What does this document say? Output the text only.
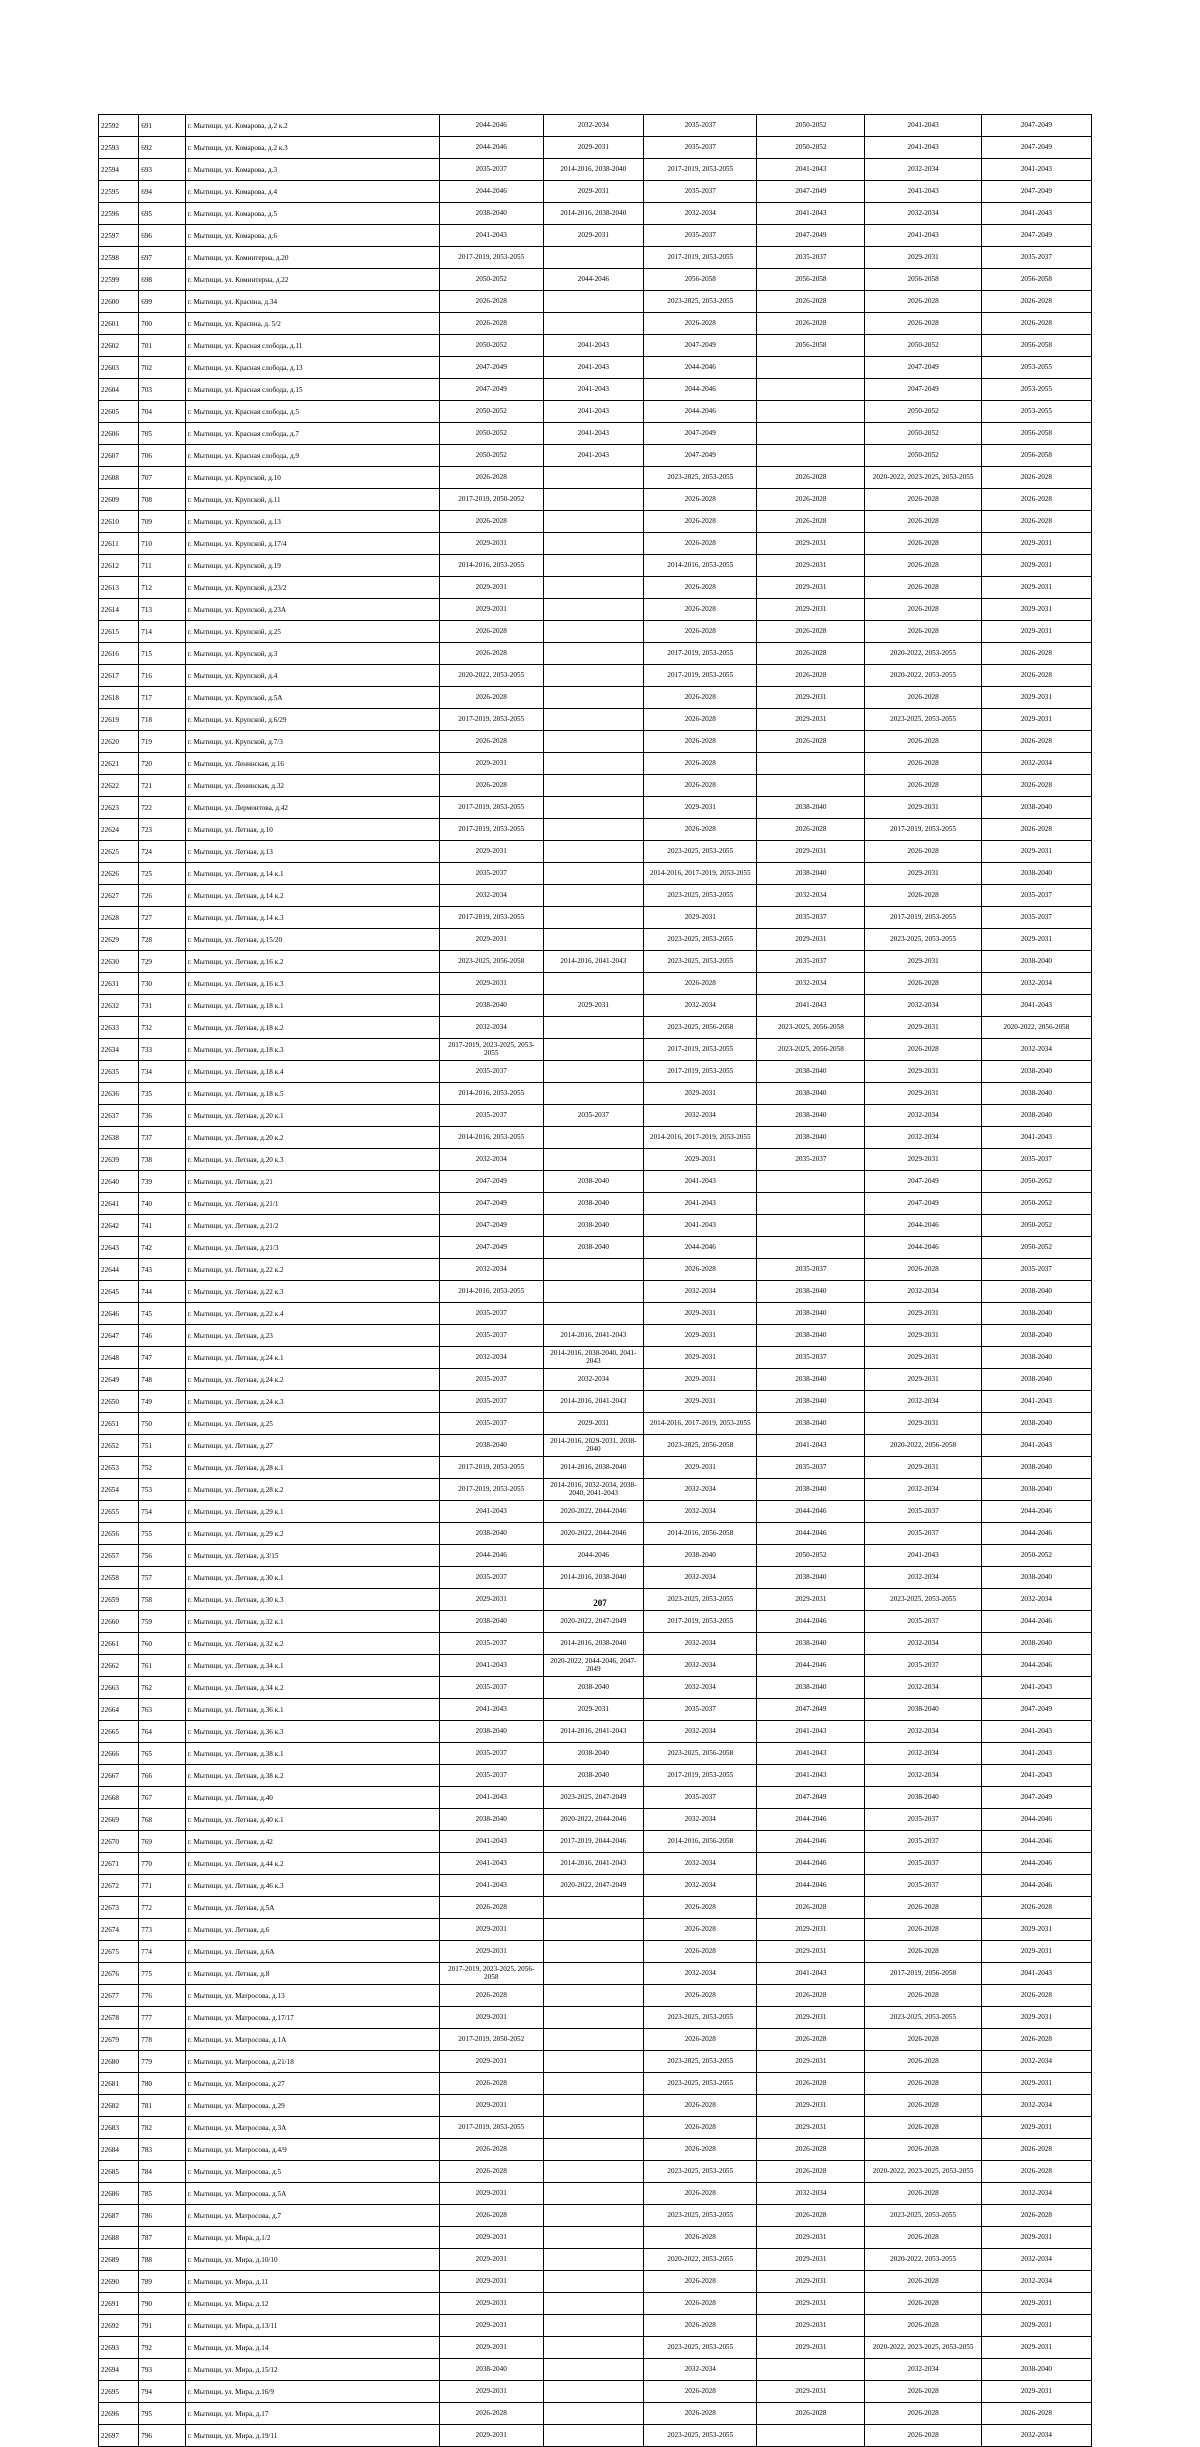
22592	691	г. Мытищи, ул. Комарова, д.2 к.2	2044-2046	2032-2034	2035-2037	2050-2052	2041-2043	2047-2049
22593	692	г. Мытищи, ул. Комарова, д.2 к.3	2044-2046	2029-2031	2035-2037	2050-2052	2041-2043	2047-2049
22594	693	г. Мытищи, ул. Комарова, д.3	2035-2037	2014-2016, 2038-2040	2017-2019, 2053-2055	2041-2043	2032-2034	2041-2043
22595	694	г. Мытищи, ул. Комарова, д.4	2044-2046	2029-2031	2035-2037	2047-2049	2041-2043	2047-2049
22596	695	г. Мытищи, ул. Комарова, д.5	2038-2040	2014-2016, 2038-2040	2032-2034	2041-2043	2032-2034	2041-2043
22597	696	г. Мытищи, ул. Комарова, д.6	2041-2043	2029-2031	2035-2037	2047-2049	2041-2043	2047-2049
22598	697	г. Мытищи, ул. Коминтерна, д.20	2017-2019, 2053-2055		2017-2019, 2053-2055	2035-2037	2029-2031	2035-2037
22599	698	г. Мытищи, ул. Коминтерна, д.22	2050-2052	2044-2046	2056-2058	2056-2058	2056-2058	2056-2058
22600	699	г. Мытищи, ул. Красина, д.34	2026-2028		2023-2025, 2053-2055	2026-2028	2026-2028	2026-2028
22601	700	г. Мытищи, ул. Красина, д. 5/2	2026-2028		2026-2028	2026-2028	2026-2028	2026-2028
22602	701	г. Мытищи, ул. Красная слобода, д.11	2050-2052	2041-2043	2047-2049	2056-2058	2050-2052	2056-2058
22603	702	г. Мытищи, ул. Красная слобода, д.13	2047-2049	2041-2043	2044-2046		2047-2049	2053-2055
22604	703	г. Мытищи, ул. Красная слобода, д.15	2047-2049	2041-2043	2044-2046		2047-2049	2053-2055
22605	704	г. Мытищи, ул. Красная слобода, д.5	2050-2052	2041-2043	2044-2046		2050-2052	2053-2055
22606	705	г. Мытищи, ул. Красная слобода, д.7	2050-2052	2041-2043	2047-2049		2050-2052	2056-2058
22607	706	г. Мытищи, ул. Красная слобода, д.9	2050-2052	2041-2043	2047-2049		2050-2052	2056-2058
22608	707	г. Мытищи, ул. Крупской, д.10	2026-2028		2023-2025, 2053-2055	2026-2028	2020-2022, 2023-2025, 2053-2055	2026-2028
22609	708	г. Мытищи, ул. Крупской, д.11	2017-2019, 2050-2052		2026-2028	2026-2028	2026-2028	2026-2028
22610	709	г. Мытищи, ул. Крупской, д.13	2026-2028		2026-2028	2026-2028	2026-2028	2026-2028
22611	710	г. Мытищи, ул. Крупской, д.17/4	2029-2031		2026-2028	2029-2031	2026-2028	2029-2031
22612	711	г. Мытищи, ул. Крупской, д.19	2014-2016, 2053-2055		2014-2016, 2053-2055	2029-2031	2026-2028	2029-2031
22613	712	г. Мытищи, ул. Крупской, д.23/2	2029-2031		2026-2028	2029-2031	2026-2028	2029-2031
22614	713	г. Мытищи, ул. Крупской, д.23А	2029-2031		2026-2028	2029-2031	2026-2028	2029-2031
22615	714	г. Мытищи, ул. Крупской, д.25	2026-2028		2026-2028	2026-2028	2026-2028	2029-2031
22616	715	г. Мытищи, ул. Крупской, д.3	2026-2028		2017-2019, 2053-2055	2026-2028	2020-2022, 2053-2055	2026-2028
22617	716	г. Мытищи, ул. Крупской, д.4	2020-2022, 2053-2055		2017-2019, 2053-2055	2026-2028	2020-2022, 2053-2055	2026-2028
22618	717	г. Мытищи, ул. Крупской, д.5А	2026-2028		2026-2028	2029-2031	2026-2028	2029-2031
22619	718	г. Мытищи, ул. Крупской, д.6/29	2017-2019, 2053-2055		2026-2028	2029-2031	2023-2025, 2053-2055	2029-2031
22620	719	г. Мытищи, ул. Крупской, д.7/3	2026-2028		2026-2028	2026-2028	2026-2028	2026-2028
22621	720	г. Мытищи, ул. Ленинская, д.16	2029-2031		2026-2028		2026-2028	2032-2034
22622	721	г. Мытищи, ул. Ленинская, д.32	2026-2028		2026-2028		2026-2028	2026-2028
22623	722	г. Мытищи, ул. Лермонтова, д.42	2017-2019, 2053-2055		2029-2031	2038-2040	2029-2031	2038-2040
22624	723	г. Мытищи, ул. Летная, д.10	2017-2019, 2053-2055		2026-2028	2026-2028	2017-2019, 2053-2055	2026-2028
22625	724	г. Мытищи, ул. Летная, д.13	2029-2031		2023-2025, 2053-2055	2029-2031	2026-2028	2029-2031
22626	725	г. Мытищи, ул. Летная, д.14 к.1	2035-2037		2014-2016, 2017-2019, 2053-2055	2038-2040	2029-2031	2038-2040
22627	726	г. Мытищи, ул. Летная, д.14 к.2	2032-2034		2023-2025, 2053-2055	2032-2034	2026-2028	2035-2037
22628	727	г. Мытищи, ул. Летная, д.14 к.3	2017-2019, 2053-2055		2029-2031	2035-2037	2017-2019, 2053-2055	2035-2037
22629	728	г. Мытищи, ул. Летная, д.15/20	2029-2031		2023-2025, 2053-2055	2029-2031	2023-2025, 2053-2055	2029-2031
22630	729	г. Мытищи, ул. Летная, д.16 к.2	2023-2025, 2056-2058	2014-2016, 2041-2043	2023-2025, 2053-2055	2035-2037	2029-2031	2038-2040
22631	730	г. Мытищи, ул. Летная, д.16 к.3	2029-2031		2026-2028	2032-2034	2026-2028	2032-2034
22632	731	г. Мытищи, ул. Летная, д.18 к.1	2038-2040	2029-2031	2032-2034	2041-2043	2032-2034	2041-2043
22633	732	г. Мытищи, ул. Летная, д.18 к.2	2032-2034		2023-2025, 2056-2058	2023-2025, 2056-2058	2029-2031	2020-2022, 2056-2058
22634	733	г. Мытищи, ул. Летная, д.18 к.3	2017-2019, 2023-2025, 2053-2055		2017-2019, 2053-2055	2023-2025, 2056-2058	2026-2028	2032-2034
22635	734	г. Мытищи, ул. Летная, д.18 к.4	2035-2037		2017-2019, 2053-2055	2038-2040	2029-2031	2038-2040
22636	735	г. Мытищи, ул. Летная, д.18 к.5	2014-2016, 2053-2055		2029-2031	2038-2040	2029-2031	2038-2040
22637	736	г. Мытищи, ул. Летная, д.20 к.1	2035-2037	2035-2037	2032-2034	2038-2040	2032-2034	2038-2040
22638	737	г. Мытищи, ул. Летная, д.20 к.2	2014-2016, 2053-2055		2014-2016, 2017-2019, 2053-2055	2038-2040	2032-2034	2041-2043
22639	738	г. Мытищи, ул. Летная, д.20 к.3	2032-2034		2029-2031	2035-2037	2029-2031	2035-2037
22640	739	г. Мытищи, ул. Летная, д.21	2047-2049	2038-2040	2041-2043		2047-2049	2050-2052
22641	740	г. Мытищи, ул. Летная, д.21/1	2047-2049	2038-2040	2041-2043		2047-2049	2050-2052
22642	741	г. Мытищи, ул. Летная, д.21/2	2047-2049	2038-2040	2041-2043		2044-2046	2050-2052
22643	742	г. Мытищи, ул. Летная, д.21/3	2047-2049	2038-2040	2044-2046		2044-2046	2050-2052
22644	743	г. Мытищи, ул. Летная, д.22 к.2	2032-2034		2026-2028	2035-2037	2026-2028	2035-2037
22645	744	г. Мытищи, ул. Летная, д.22 к.3	2014-2016, 2053-2055		2032-2034	2038-2040	2032-2034	2038-2040
22646	745	г. Мытищи, ул. Летная, д.22 к.4	2035-2037		2029-2031	2038-2040	2029-2031	2038-2040
22647	746	г. Мытищи, ул. Летная, д.23	2035-2037	2014-2016, 2041-2043	2029-2031	2038-2040	2029-2031	2038-2040
22648	747	г. Мытищи, ул. Летная, д.24 к.1	2032-2034	2014-2016, 2038-2040, 2041-2043	2029-2031	2035-2037	2029-2031	2038-2040
22649	748	г. Мытищи, ул. Летная, д.24 к.2	2035-2037	2032-2034	2029-2031	2038-2040	2029-2031	2038-2040
22650	749	г. Мытищи, ул. Летная, д.24 к.3	2035-2037	2014-2016, 2041-2043	2029-2031	2038-2040	2032-2034	2041-2043
22651	750	г. Мытищи, ул. Летная, д.25	2035-2037	2029-2031	2014-2016, 2017-2019, 2053-2055	2038-2040	2029-2031	2038-2040
22652	751	г. Мытищи, ул. Летная, д.27	2038-2040	2014-2016, 2029-2031, 2038-2040	2023-2025, 2056-2058	2041-2043	2020-2022, 2056-2058	2041-2043
22653	752	г. Мытищи, ул. Летная, д.28 к.1	2017-2019, 2053-2055	2014-2016, 2038-2040	2029-2031	2035-2037	2029-2031	2038-2040
22654	753	г. Мытищи, ул. Летная, д.28 к.2	2017-2019, 2053-2055	2014-2016, 2032-2034, 2038-2040, 2041-2043	2032-2034	2038-2040	2032-2034	2038-2040
22655	754	г. Мытищи, ул. Летная, д.29 к.1	2041-2043	2020-2022, 2044-2046	2032-2034	2044-2046	2035-2037	2044-2046
22656	755	г. Мытищи, ул. Летная, д.29 к.2	2038-2040	2020-2022, 2044-2046	2014-2016, 2056-2058	2044-2046	2035-2037	2044-2046
22657	756	г. Мытищи, ул. Летная, д.3/15	2044-2046	2044-2046	2038-2040	2050-2052	2041-2043	2050-2052
22658	757	г. Мытищи, ул. Летная, д.30 к.1	2035-2037	2014-2016, 2038-2040	2032-2034	2038-2040	2032-2034	2038-2040
22659	758	г. Мытищи, ул. Летная, д.30 к.3	2029-2031		2023-2025, 2053-2055	2029-2031	2023-2025, 2053-2055	2032-2034
22660	759	г. Мытищи, ул. Летная, д.32 к.1	2038-2040	2020-2022, 2047-2049	2017-2019, 2053-2055	2044-2046	2035-2037	2044-2046
22661	760	г. Мытищи, ул. Летная, д.32 к.2	2035-2037	2014-2016, 2038-2040	2032-2034	2038-2040	2032-2034	2038-2040
22662	761	г. Мытищи, ул. Летная, д.34 к.1	2041-2043	2020-2022, 2044-2046, 2047-2049	2032-2034	2044-2046	2035-2037	2044-2046
22663	762	г. Мытищи, ул. Летная, д.34 к.2	2035-2037	2038-2040	2032-2034	2038-2040	2032-2034	2041-2043
22664	763	г. Мытищи, ул. Летная, д.36 к.1	2041-2043	2029-2031	2035-2037	2047-2049	2038-2040	2047-2049
22665	764	г. Мытищи, ул. Летная, д.36 к.3	2038-2040	2014-2016, 2041-2043	2032-2034	2041-2043	2032-2034	2041-2043
22666	765	г. Мытищи, ул. Летная, д.38 к.1	2035-2037	2038-2040	2023-2025, 2056-2058	2041-2043	2032-2034	2041-2043
22667	766	г. Мытищи, ул. Летная, д.38 к.2	2035-2037	2038-2040	2017-2019, 2053-2055	2041-2043	2032-2034	2041-2043
22668	767	г. Мытищи, ул. Летная, д.40	2041-2043	2023-2025, 2047-2049	2035-2037	2047-2049	2038-2040	2047-2049
22669	768	г. Мытищи, ул. Летная, д.40 к.1	2038-2040	2020-2022, 2044-2046	2032-2034	2044-2046	2035-2037	2044-2046
22670	769	г. Мытищи, ул. Летная, д.42	2041-2043	2017-2019, 2044-2046	2014-2016, 2056-2058	2044-2046	2035-2037	2044-2046
22671	770	г. Мытищи, ул. Летная, д.44 к.2	2041-2043	2014-2016, 2041-2043	2032-2034	2044-2046	2035-2037	2044-2046
22672	771	г. Мытищи, ул. Летная, д.46 к.3	2041-2043	2020-2022, 2047-2049	2032-2034	2044-2046	2035-2037	2044-2046
22673	772	г. Мытищи, ул. Летная, д.5А	2026-2028		2026-2028	2026-2028	2026-2028	2026-2028
22674	773	г. Мытищи, ул. Летная, д.6	2029-2031		2026-2028	2029-2031	2026-2028	2029-2031
22675	774	г. Мытищи, ул. Летная, д.6А	2029-2031		2026-2028	2029-2031	2026-2028	2029-2031
22676	775	г. Мытищи, ул. Летная, д.8	2017-2019, 2023-2025, 2056-2058		2032-2034	2041-2043	2017-2019, 2056-2058	2041-2043
22677	776	г. Мытищи, ул. Матросова, д.13	2026-2028		2026-2028	2026-2028	2026-2028	2026-2028
22678	777	г. Мытищи, ул. Матросова, д.17/17	2029-2031		2023-2025, 2053-2055	2029-2031	2023-2025, 2053-2055	2029-2031
22679	778	г. Мытищи, ул. Матросова, д.1А	2017-2019, 2050-2052		2026-2028	2026-2028	2026-2028	2026-2028
22680	779	г. Мытищи, ул. Матросова, д.21/18	2029-2031		2023-2025, 2053-2055	2029-2031	2026-2028	2032-2034
22681	780	г. Мытищи, ул. Матросова, д.27	2026-2028		2023-2025, 2053-2055	2026-2028	2026-2028	2029-2031
22682	781	г. Мытищи, ул. Матросова, д.29	2029-2031		2026-2028	2029-2031	2026-2028	2032-2034
22683	782	г. Мытищи, ул. Матросова, д.3А	2017-2019, 2053-2055		2026-2028	2029-2031	2026-2028	2029-2031
22684	783	г. Мытищи, ул. Матросова, д.4/9	2026-2028		2026-2028	2026-2028	2026-2028	2026-2028
22685	784	г. Мытищи, ул. Матросова, д.5	2026-2028		2023-2025, 2053-2055	2026-2028	2020-2022, 2023-2025, 2053-2055	2026-2028
22686	785	г. Мытищи, ул. Матросова, д.5А	2029-2031		2026-2028	2032-2034	2026-2028	2032-2034
22687	786	г. Мытищи, ул. Матросова, д.7	2026-2028		2023-2025, 2053-2055	2026-2028	2023-2025, 2053-2055	2026-2028
22688	787	г. Мытищи, ул. Мира, д.1/2	2029-2031		2026-2028	2029-2031	2026-2028	2029-2031
22689	788	г. Мытищи, ул. Мира, д.10/10	2029-2031		2020-2022, 2053-2055	2029-2031	2020-2022, 2053-2055	2032-2034
22690	789	г. Мытищи, ул. Мира, д.11	2029-2031		2026-2028	2029-2031	2026-2028	2032-2034
22691	790	г. Мытищи, ул. Мира, д.12	2029-2031		2026-2028	2029-2031	2026-2028	2029-2031
22692	791	г. Мытищи, ул. Мира, д.13/11	2029-2031		2026-2028	2029-2031	2026-2028	2029-2031
22693	792	г. Мытищи, ул. Мира, д.14	2029-2031		2023-2025, 2053-2055	2029-2031	2020-2022, 2023-2025, 2053-2055	2029-2031
22694	793	г. Мытищи, ул. Мира, д.15/12	2038-2040		2032-2034		2032-2034	2038-2040
22695	794	г. Мытищи, ул. Мира, д.16/9	2029-2031		2026-2028	2029-2031	2026-2028	2029-2031
22696	795	г. Мытищи, ул. Мира, д.17	2026-2028		2026-2028	2026-2028	2026-2028	2026-2028
22697	796	г. Мытищи, ул. Мира, д.19/11	2029-2031		2023-2025, 2053-2055		2026-2028	2032-2034
207
